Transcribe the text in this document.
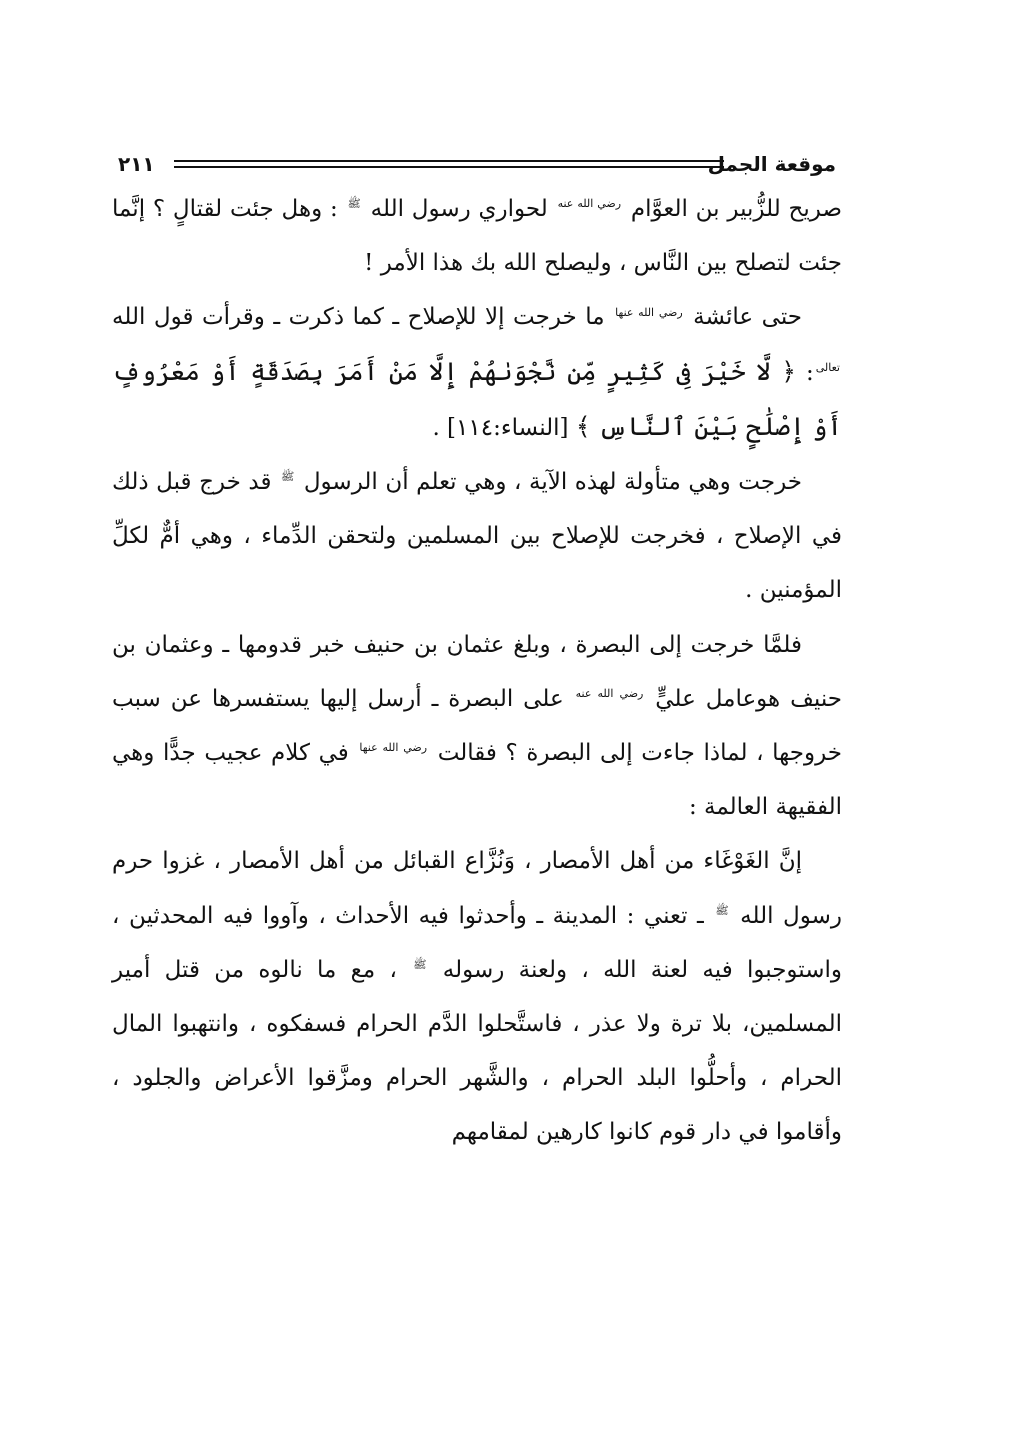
موقعة الجمل
٢١١

صريح للزُّبير بن العوَّام $^{رضي الله عنه}$ لحواري رسول الله $^ﷺ$ : وهل جئت لقتالٍ ؟ إنَّما جئت لتصلح بين النَّاس ، وليصلح الله بك هذا الأمر !

حتى عائشة $^{رضي الله عنها}$ ما خرجت إلا للإصلاح ـ كما ذكرت ـ وقرأت قول الله $^{تعالى}$: ﴿ لَّا خَيْرَ فِى كَثِيرٍ مِّن نَّجْوَىٰهُمْ إِلَّا مَنْ أَمَرَ بِصَدَقَةٍ أَوْ مَعْرُوفٍ أَوْ إِصْلَٰحٍ بَيْنَ ٱلنَّاسِ ﴾ [النساء:١١٤] .

خرجت وهي متأولة لهذه الآية ، وهي تعلم أن الرسول $^ﷺ$ قد خرج قبل ذلك في الإصلاح ، فخرجت للإصلاح بين المسلمين ولتحقن الدِّماء ، وهي أمٌّ لكلِّ المؤمنين .

فلمَّا خرجت إلى البصرة ، وبلغ عثمان بن حنيف خبر قدومها ـ وعثمان بن حنيف هوعامل عليٍّ $^{رضي الله عنه}$ على البصرة ـ أرسل إليها يستفسرها عن سبب خروجها ، لماذا جاءت إلى البصرة ؟ فقالت $^{رضي الله عنها}$ في كلام عجيب جدًّا وهي الفقيهة العالمة :

إنَّ الغَوْغَاء من أهل الأمصار ، وَنُزَّاع القبائل من أهل الأمصار ، غزوا حرم رسول الله $^ﷺ$ ـ تعني : المدينة ـ وأحدثوا فيه الأحداث ، وآووا فيه المحدثين ، واستوجبوا فيه لعنة الله ، ولعنة رسوله $^ﷺ$ ، مع ما نالوه من قتل أمير المسلمين، بلا ترة ولا عذر ، فاستَّحلوا الدَّم الحرام فسفكوه ، وانتهبوا المال الحرام ، وأحلُّوا البلد الحرام ، والشَّهر الحرام ومزَّقوا الأعراض والجلود ، وأقاموا في دار قوم كانوا كارهين لمقامهم
